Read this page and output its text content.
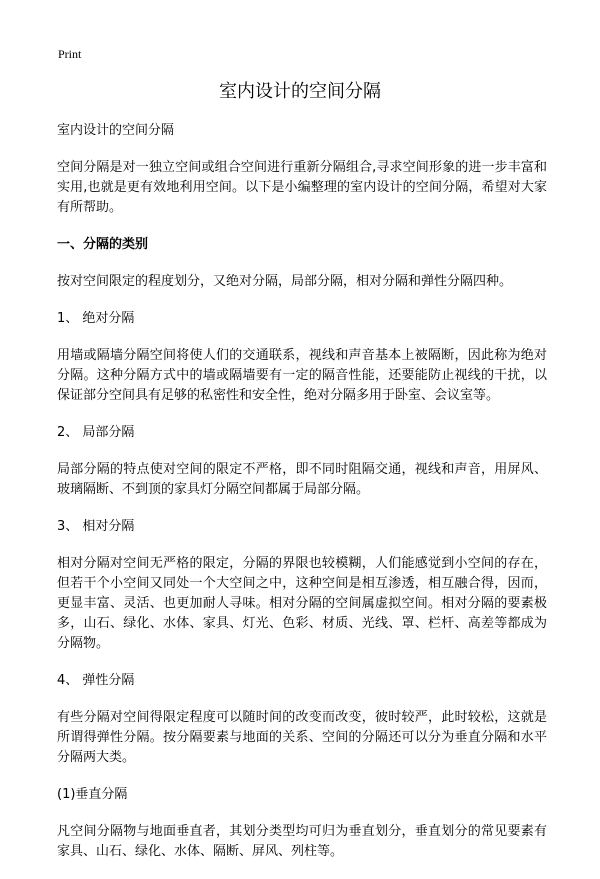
Print
室内设计的空间分隔

室内设计的空间分隔

空间分隔是对一独立空间或组合空间进行重新分隔组合,寻求空间形象的进一步丰富和实用,也就是更有效地利用空间。以下是小编整理的室内设计的空间分隔，希望对大家有所帮助。

一、分隔的类别

按对空间限定的程度划分，又绝对分隔，局部分隔，相对分隔和弹性分隔四种。

1、 绝对分隔

用墙或隔墙分隔空间将使人们的交通联系，视线和声音基本上被隔断，因此称为绝对分隔。这种分隔方式中的墙或隔墙要有一定的隔音性能，还要能防止视线的干扰，以保证部分空间具有足够的私密性和安全性，绝对分隔多用于卧室、会议室等。

2、 局部分隔

局部分隔的特点使对空间的限定不严格，即不同时阻隔交通，视线和声音，用屏风、玻璃隔断、不到顶的家具灯分隔空间都属于局部分隔。

3、 相对分隔

相对分隔对空间无严格的限定，分隔的界限也较模糊，人们能感觉到小空间的存在，但若干个小空间又同处一个大空间之中，这种空间是相互渗透，相互融合得，因而，更显丰富、灵活、也更加耐人寻味。相对分隔的空间属虚拟空间。相对分隔的要素极多，山石、绿化、水体、家具、灯光、色彩、材质、光线、罩、栏杆、高差等都成为分隔物。

4、 弹性分隔

有些分隔对空间得限定程度可以随时间的改变而改变，彼时较严，此时较松，这就是所谓得弹性分隔。按分隔要素与地面的关系、空间的分隔还可以分为垂直分隔和水平分隔两大类。

(1)垂直分隔

凡空间分隔物与地面垂直者，其划分类型均可归为垂直划分，垂直划分的常见要素有家具、山石、绿化、水体、隔断、屏风、列柱等。
